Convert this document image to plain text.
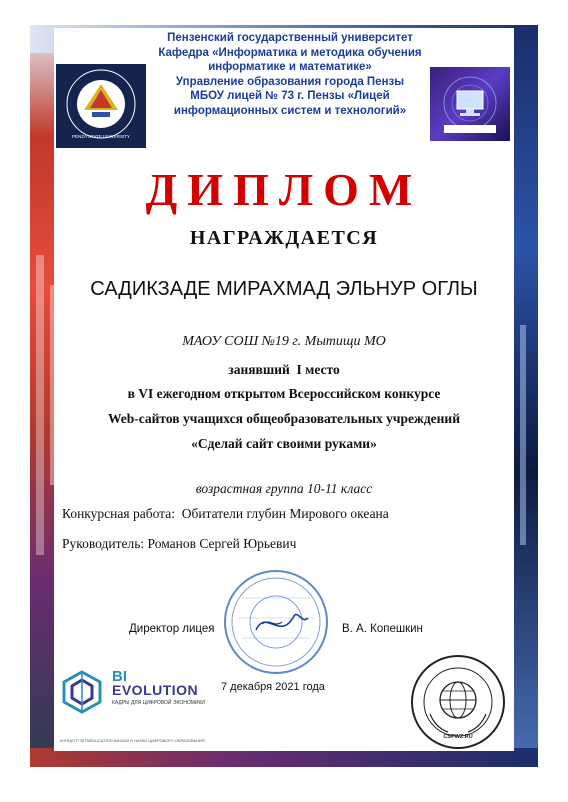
1943
PENZA STATE UNIVERSITY
Пензенский государственный университет
Кафедра «Информатика и методика обучения
информатике и математике»
Управление образования города Пензы
МБОУ лицей № 73 г. Пензы «Лицей
информационных систем и технологий»
ДИПЛОМ
НАГРАЖДАЕТСЯ
САДИКЗАДЕ МИРАХМАД ЭЛЬНУР ОГЛЫ
МАОУ СОШ №19 г. Мытищи МО
занявший  I место
в VI ежегодном открытом Всероссийском конкурсе
Web-сайтов учащихся общеобразовательных учреждений
«Сделай сайт своими руками»
возрастная группа 10-11 класс
Конкурсная работа: Обитатели глубин Мирового океана
Руководитель: Романов Сергей Юрьевич
Директор лицея	В. А. Копешкин
7 декабря 2021 года
BI
EVOLUTION
КАДРЫ ДЛЯ ЦИФРОВОЙ ЭКОНОМИКИ
КОНЦЕПТ BITNEDUCATION ШКОЛЫ И НАУКИ ЦИФРОВОГО ОБРАЗОВАНИЯ
CSPWZ.RU
